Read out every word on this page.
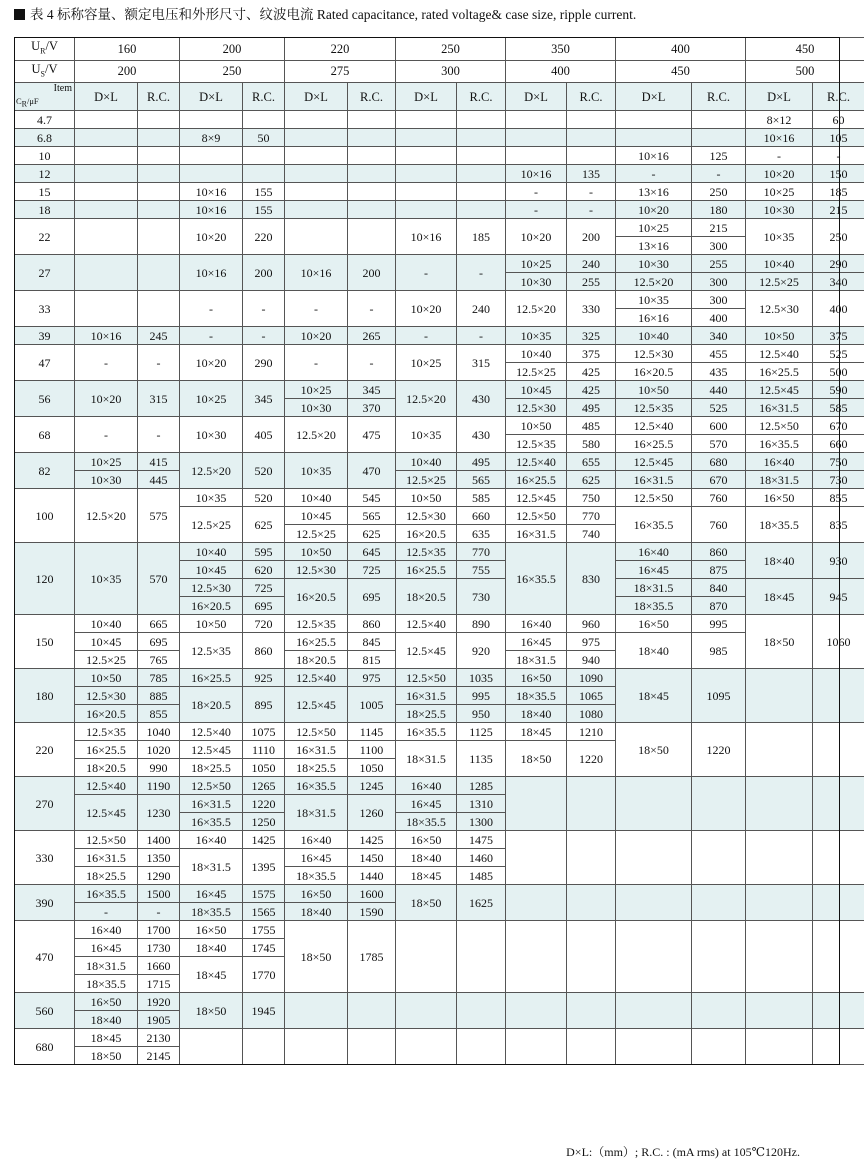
表 4 标称容量、额定电压和外形尺寸、纹波电流 Rated capacitance, rated voltage& case size, ripple current.
$U_R/V$	160		200		220		250		350		400		450	
$U_S/V$	200		250		275		300		400		450		500	

Item
$C_R/\mu F$	D×L	R.C.	D×L	R.C.	D×L	R.C.	D×L	R.C.	D×L	R.C.	D×L	R.C.	D×L	R.C.
4.7													8×12	60
6.8			8×9	50									10×16	105
10											10×16	125	-	-
12									10×16	135	-	-	10×20	150
15			10×16	155					-	-	13×16	250	10×25	185
18			10×16	155					-	-	10×20	180	10×30	215
22			10×20	220			10×16	185	10×20	200	10×25	215	10×35	250
											13×16	300		
27			10×16	200	10×16	200	-	-	10×25	240	10×30	255	10×40	290
									10×30	255	12.5×20	300	12.5×25	340
33			-	-	-	-	10×20	240	12.5×20	330	10×35	300	12.5×30	400
											16×16	400		
39	10×16	245	-	-	10×20	265	-	-	10×35	325	10×40	340	10×50	375
47	-	-	10×20	290	-	-	10×25	315	10×40	375	12.5×30	455	12.5×40	525
									12.5×25	425	16×20.5	435	16×25.5	500
56	10×20	315	10×25	345	10×25	345	12.5×20	430	10×45	425	10×50	440	12.5×45	590
					10×30	370			12.5×30	495	12.5×35	525	16×31.5	585
68	-	-	10×30	405	12.5×20	475	10×35	430	10×50	485	12.5×40	600	12.5×50	670
									12.5×35	580	16×25.5	570	16×35.5	660
82	10×25	415	12.5×20	520	10×35	470	10×40	495	12.5×40	655	12.5×45	680	16×40	750
	10×30	445					12.5×25	565	16×25.5	625	16×31.5	670	18×31.5	730
100	12.5×20	575	10×35	520	10×40	545	10×50	585	12.5×45	750	12.5×50	760	16×50	855
			12.5×25	625	10×45	565	12.5×30	660	12.5×50	770	16×35.5	760	18×35.5	835
					12.5×25	625	16×20.5	635	16×31.5	740				
120	10×35	570	10×40	595	10×50	645	12.5×35	770	16×35.5	830	16×40	860	18×40	930
			10×45	620	12.5×30	725	16×25.5	755			16×45	875		
			12.5×30	725	16×20.5	695	18×20.5	730			18×31.5	840	18×45	945
			16×20.5	695							18×35.5	870		
150	10×40	665	10×50	720	12.5×35	860	12.5×40	890	16×40	960	16×50	995	18×50	1060
	10×45	695	12.5×35	860	16×25.5	845	12.5×45	920	16×45	975	18×40	985		
	12.5×25	765			18×20.5	815			18×31.5	940				
180	10×50	785	16×25.5	925	12.5×40	975	12.5×50	1035	16×50	1090	18×45	1095		
	12.5×30	885	18×20.5	895	12.5×45	1005	16×31.5	995	18×35.5	1065				
	16×20.5	855					18×25.5	950	18×40	1080				
220	12.5×35	1040	12.5×40	1075	12.5×50	1145	16×35.5	1125	18×45	1210	18×50	1220		
	16×25.5	1020	12.5×45	1110	16×31.5	1100	18×31.5	1135	18×50	1220				
	18×20.5	990	18×25.5	1050	18×25.5	1050								
270	12.5×40	1190	12.5×50	1265	16×35.5	1245	16×40	1285						
	12.5×45	1230	16×31.5	1220	18×31.5	1260	16×45	1310						
			16×35.5	1250			18×35.5	1300						
330	12.5×50	1400	16×40	1425	16×40	1425	16×50	1475						
	16×31.5	1350	18×31.5	1395	16×45	1450	18×40	1460						
	18×25.5	1290			18×35.5	1440	18×45	1485						
390	16×35.5	1500	16×45	1575	16×50	1600	18×50	1625						
	-	-	18×35.5	1565	18×40	1590								
470	16×40	1700	16×50	1755	18×50	1785								
	16×45	1730	18×40	1745										
	18×31.5	1660	18×45	1770										
	18×35.5	1715												
560	16×50	1920	18×50	1945										
	18×40	1905												
680	18×45	2130												
	18×50	2145												
D×L:（mm）; R.C. : (mA rms) at 105℃120Hz.
